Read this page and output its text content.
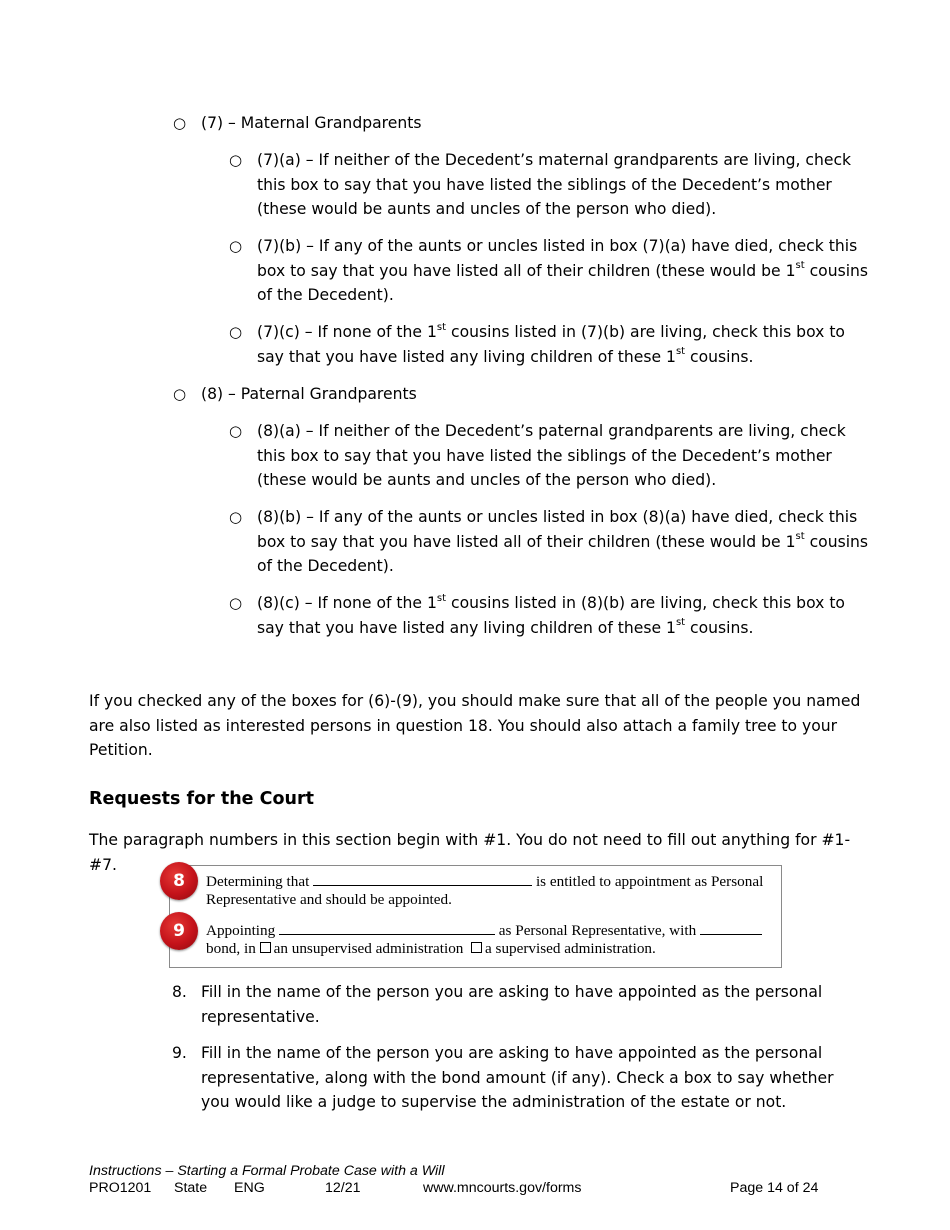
○ (7) – Maternal Grandparents
○ (7)(a) – If neither of the Decedent’s maternal grandparents are living, check this box to say that you have listed the siblings of the Decedent’s mother (these would be aunts and uncles of the person who died).
○ (7)(b) – If any of the aunts or uncles listed in box (7)(a) have died, check this box to say that you have listed all of their children (these would be 1st cousins of the Decedent).
○ (7)(c) – If none of the 1st cousins listed in (7)(b) are living, check this box to say that you have listed any living children of these 1st cousins.
○ (8) – Paternal Grandparents
○ (8)(a) – If neither of the Decedent’s paternal grandparents are living, check this box to say that you have listed the siblings of the Decedent’s mother (these would be aunts and uncles of the person who died).
○ (8)(b) – If any of the aunts or uncles listed in box (8)(a) have died, check this box to say that you have listed all of their children (these would be 1st cousins of the Decedent).
○ (8)(c) – If none of the 1st cousins listed in (8)(b) are living, check this box to say that you have listed any living children of these 1st cousins.
If you checked any of the boxes for (6)-(9), you should make sure that all of the people you named are also listed as interested persons in question 18. You should also attach a family tree to your Petition.
Requests for the Court
The paragraph numbers in this section begin with #1. You do not need to fill out anything for #1-#7.
Determining that	is entitled to appointment as Personal
Representative and should be appointed.
Appointing	as Personal Representative, with
bond, in an unsupervised administration a supervised administration.
8
9
8. Fill in the name of the person you are asking to have appointed as the personal representative.
9. Fill in the name of the person you are asking to have appointed as the personal representative, along with the bond amount (if any). Check a box to say whether you would like a judge to supervise the administration of the estate or not.
Instructions – Starting a Formal Probate Case with a Will
PRO1201 State ENG	12/21	www.mncourts.gov/forms	Page 14 of 24
